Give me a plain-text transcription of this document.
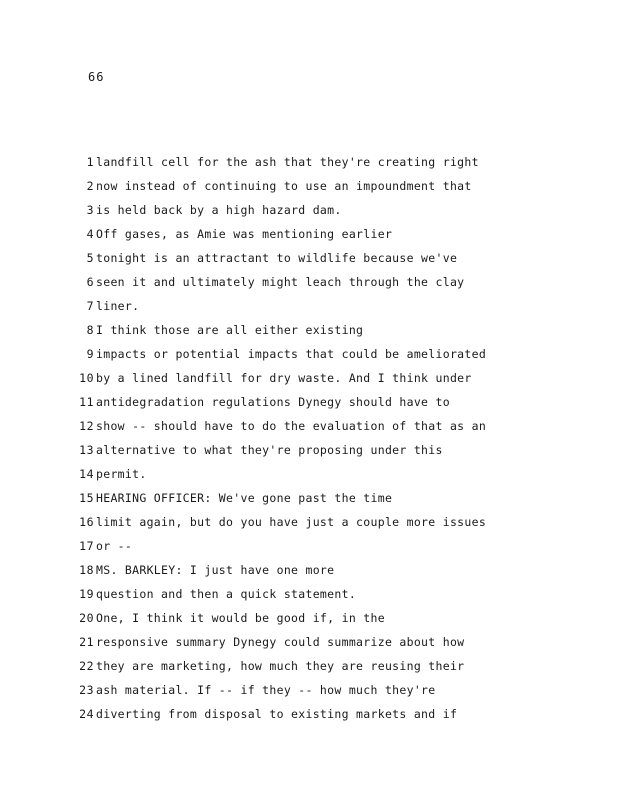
66
1 landfill cell for the ash that they're creating right
2 now instead of continuing to use an impoundment that
3 is held back by a high hazard dam.
4 Off gases, as Amie was mentioning earlier
5 tonight is an attractant to wildlife because we've
6 seen it and ultimately might leach through the clay
7 liner.
8 I think those are all either existing
9 impacts or potential impacts that could be ameliorated
10 by a lined landfill for dry waste. And I think under
11 antidegradation regulations Dynegy should have to
12 show -- should have to do the evaluation of that as an
13 alternative to what they're proposing under this
14 permit.
15 HEARING OFFICER: We've gone past the time
16 limit again, but do you have just a couple more issues
17 or --
18 MS. BARKLEY: I just have one more
19 question and then a quick statement.
20 One, I think it would be good if, in the
21 responsive summary Dynegy could summarize about how
22 they are marketing, how much they are reusing their
23 ash material. If -- if they -- how much they're
24 diverting from disposal to existing markets and if
